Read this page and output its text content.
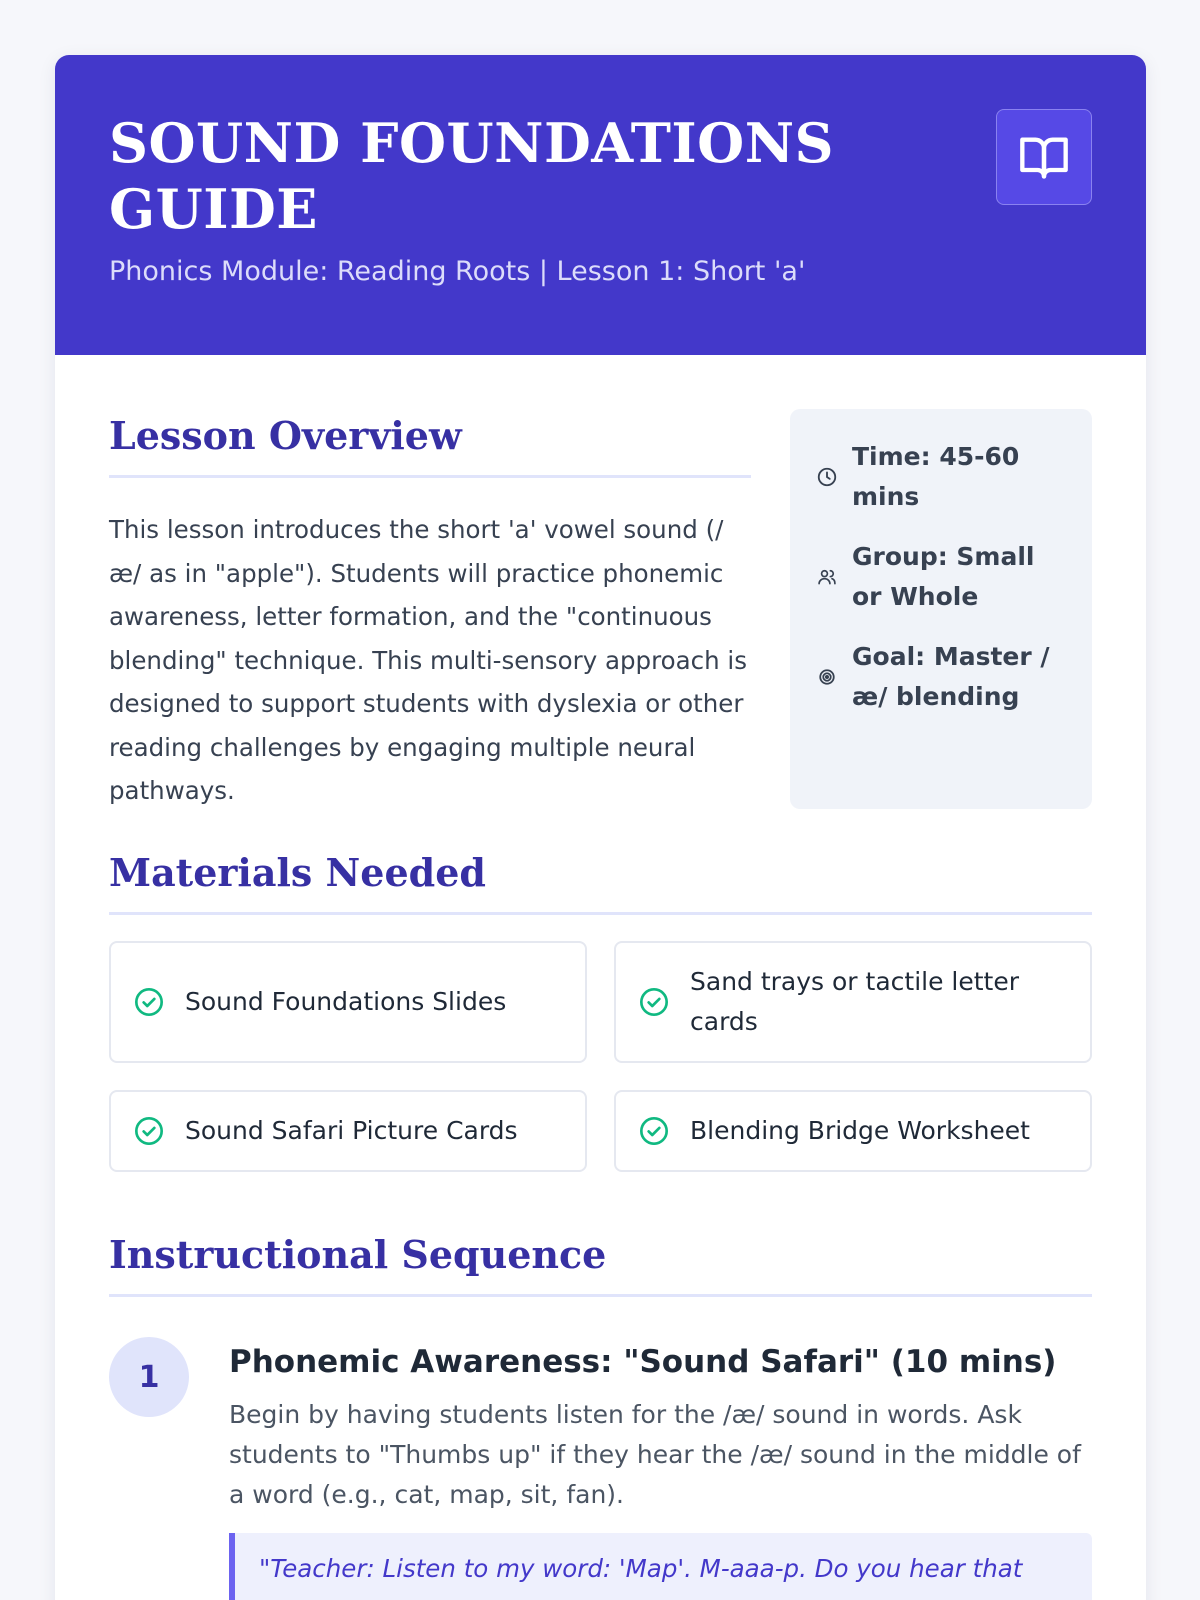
SOUND FOUNDATIONS GUIDE
Phonics Module: Reading Roots | Lesson 1: Short 'a'
Lesson Overview

This lesson introduces the short 'a' vowel sound (/æ/ as in "apple"). Students will practice phonemic awareness, letter formation, and the "continuous blending" technique. This multi-sensory approach is designed to support students with dyslexia or other reading challenges by engaging multiple neural pathways.

Time: 45-60 mins
Group: Small or Whole
Goal: Master /æ/ blending
Materials Needed
Sound Foundations Slides
Sand trays or tactile letter cards
Sound Safari Picture Cards	Blending Bridge Worksheet
Instructional Sequence
1	Phonemic Awareness: "Sound Safari" (10 mins)

Begin by having students listen for the /æ/ sound in words. Ask students to "Thumbs up" if they hear the /æ/ sound in the middle of a word (e.g., cat, map, sit, fan).

"Teacher: Listen to my word: 'Map'. M-aaa-p. Do you hear that
